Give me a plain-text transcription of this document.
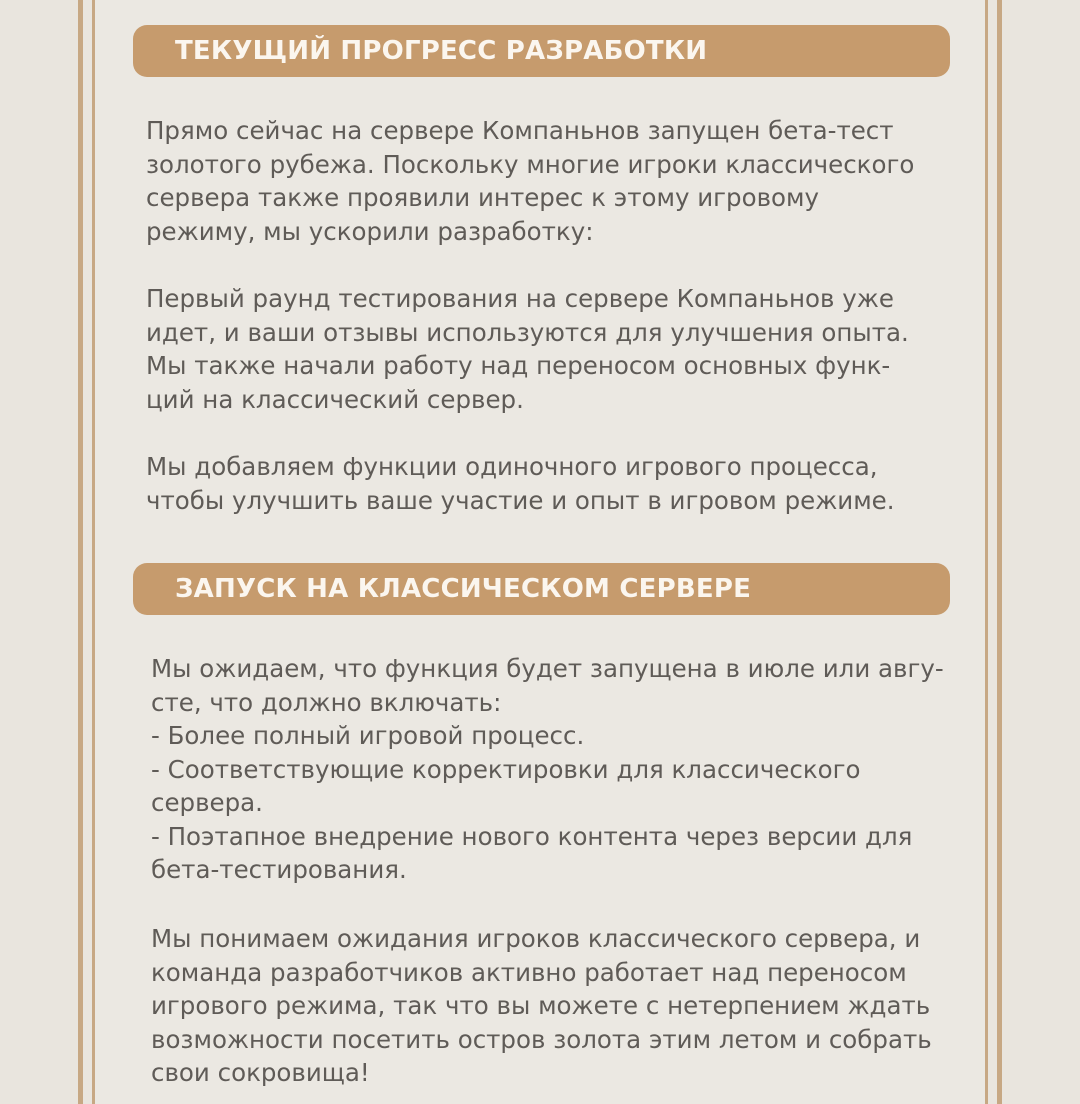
ТЕКУЩИЙ ПРОГРЕСС РАЗРАБОТКИ

Прямо сейчас на сервере Компаньнов запущен бета-тест
золотого рубежа. Поскольку многие игроки классического
сервера также проявили интерес к этому игровому
режиму, мы ускорили разработку:

Первый раунд тестирования на сервере Компаньнов уже
идет, и ваши отзывы используются для улучшения опыта.
Мы также начали работу над переносом основных функ-
ций на классический сервер.

Мы добавляем функции одиночного игрового процесса,
чтобы улучшить ваше участие и опыт в игровом режиме.

ЗАПУСК НА КЛАССИЧЕСКОМ СЕРВЕРЕ

Мы ожидаем, что функция будет запущена в июле или авгу-
сте, что должно включать:
- Более полный игровой процесс.
- Соответствующие корректировки для классического
сервера.
- Поэтапное внедрение нового контента через версии для
бета-тестирования.

Мы понимаем ожидания игроков классического сервера, и
команда разработчиков активно работает над переносом
игрового режима, так что вы можете с нетерпением ждать
возможности посетить остров золота этим летом и собрать
свои сокровища!
